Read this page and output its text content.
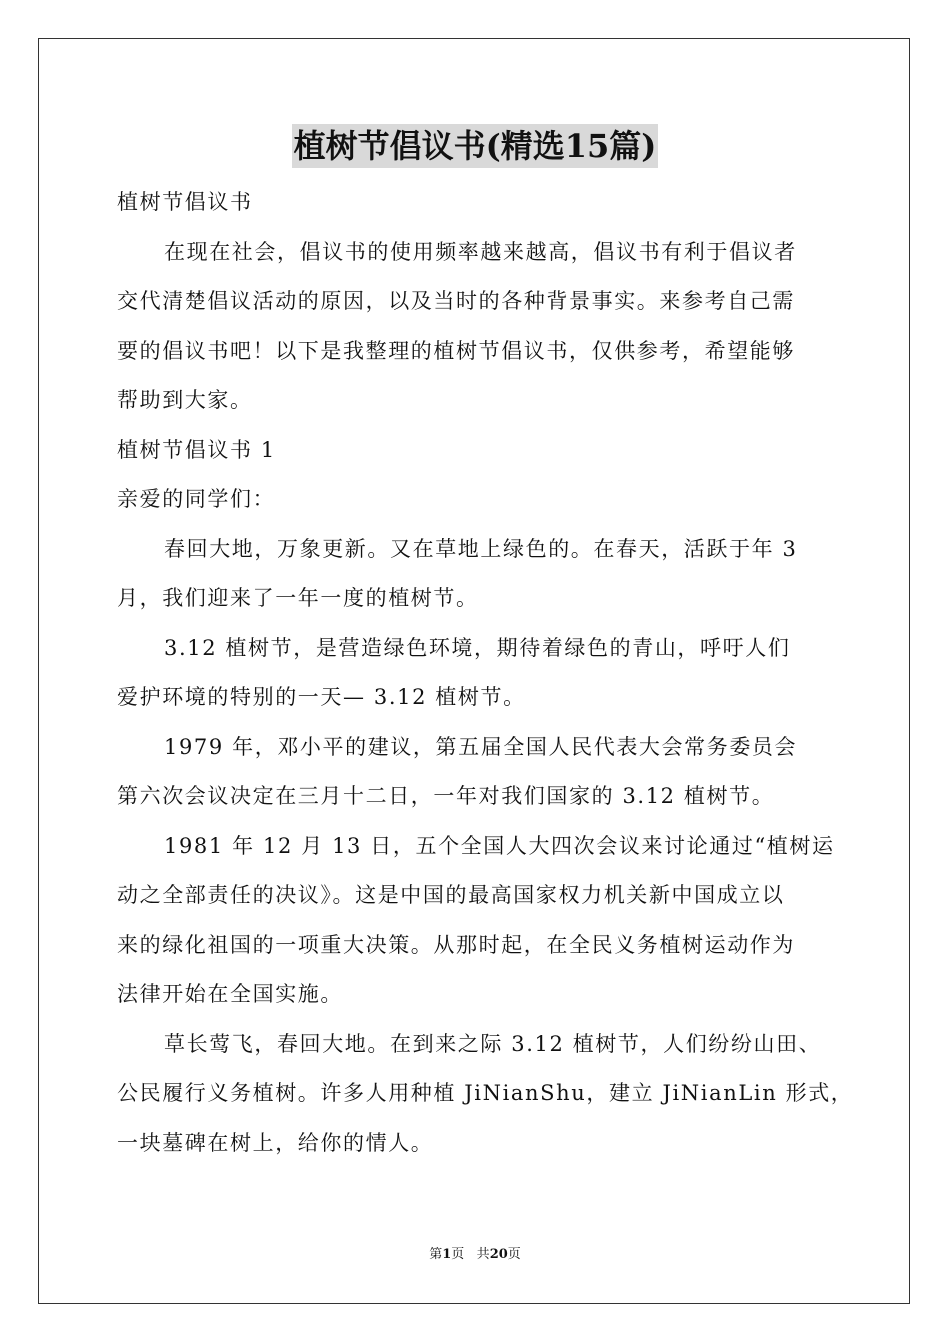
植树节倡议书(精选15篇)
植树节倡议书
在现在社会，倡议书的使用频率越来越高，倡议书有利于倡议者
交代清楚倡议活动的原因，以及当时的各种背景事实。来参考自己需
要的倡议书吧！以下是我整理的植树节倡议书，仅供参考，希望能够
帮助到大家。
植树节倡议书 1
亲爱的同学们：
春回大地，万象更新。又在草地上绿色的。在春天，活跃于年 3
月，我们迎来了一年一度的植树节。
3.12 植树节，是营造绿色环境，期待着绿色的青山，呼吁人们
爱护环境的特别的一天— 3.12 植树节。
1979 年，邓小平的建议，第五届全国人民代表大会常务委员会
第六次会议决定在三月十二日，一年对我们国家的 3.12 植树节。
1981 年 12 月 13 日，五个全国人大四次会议来讨论通过“植树运
动之全部责任的决议》。这是中国的最高国家权力机关新中国成立以
来的绿化祖国的一项重大决策。从那时起，在全民义务植树运动作为
法律开始在全国实施。
草长莺飞，春回大地。在到来之际 3.12 植树节，人们纷纷山田、
公民履行义务植树。许多人用种植 JiNianShu，建立 JiNianLin 形式，
一块墓碑在树上，给你的情人。
第1页 共20页
